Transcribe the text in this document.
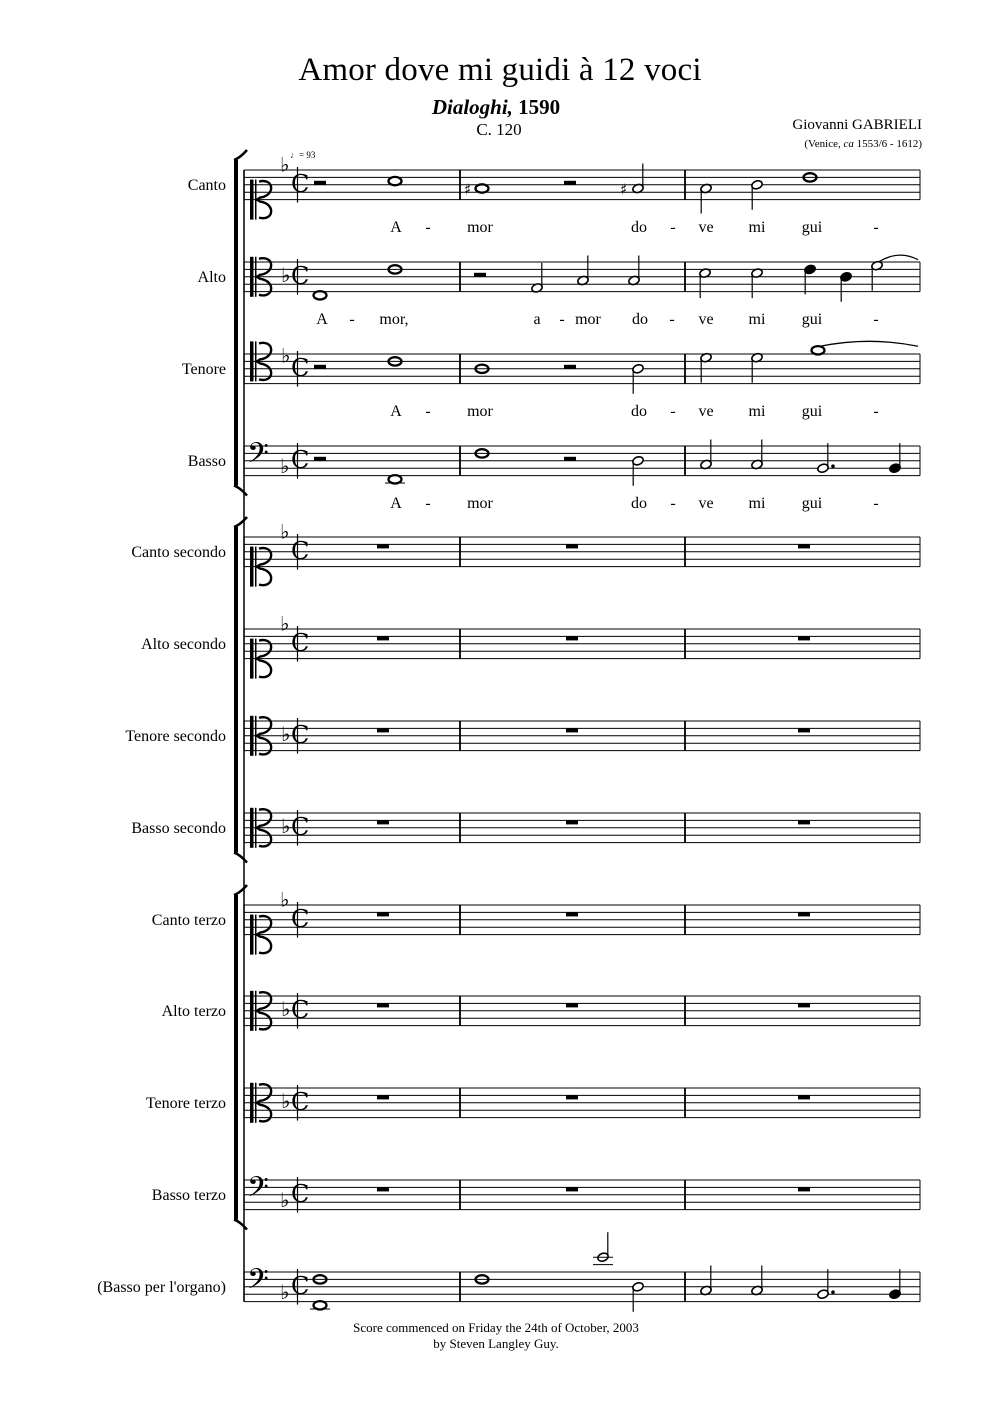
Amor dove mi guidi à 12 voci
Dialoghi, 1590
C. 120	Giovanni GABRIELI
(Venice, ca 1553/6 - 1612)
Canto
♭
C
Alto	♭ C
Tenore
♭ C
Basso 𝄢 ♭ C
Canto secondo
♭
C
Alto secondo
♭
C
Tenore secondo	♭ C
Basso secondo	♭ C
Canto terzo
♭
C
Alto terzo	♭ C
Tenore terzo	♭ C
Basso terzo 𝄢 ♭ C
(Basso per l'organo) 𝄢 ♭ C
♩= 93
♯	♯
A - mor	do - ve mi gui	-
A - mor,	a - mor do - ve mi gui	-
A - mor	do - ve mi gui	-
A - mor	do - ve mi gui	-
Score commenced on Friday the 24th of October, 2003
by Steven Langley Guy.
